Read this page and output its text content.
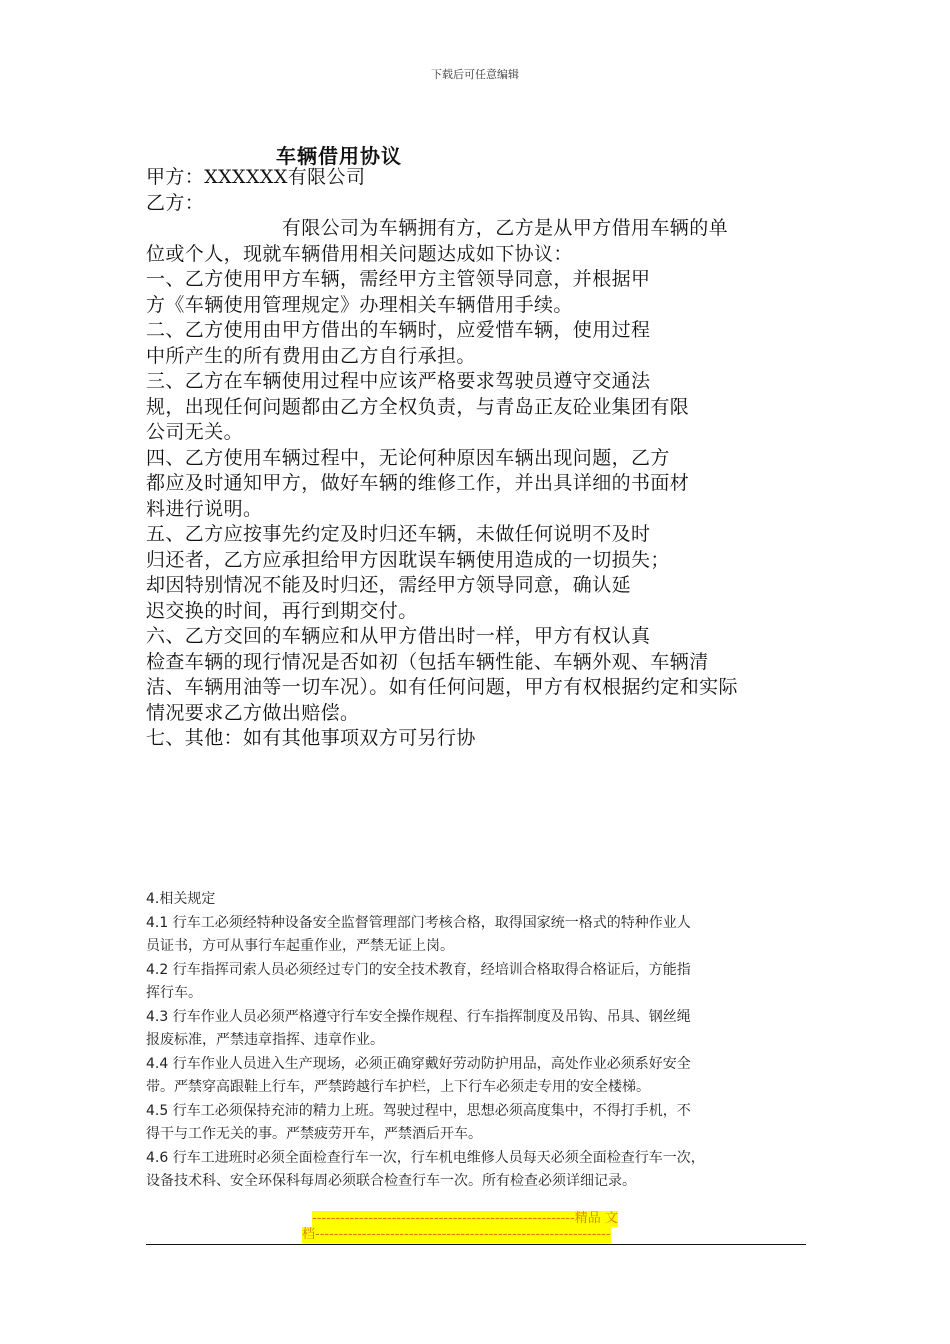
下载后可任意编辑
车辆借用协议
甲方：XXXXXX有限公司
乙方：
　　　　　　　有限公司为车辆拥有方，乙方是从甲方借用车辆的单
位或个人，现就车辆借用相关问题达成如下协议：
一、乙方使用甲方车辆，需经甲方主管领导同意，并根据甲
方《车辆使用管理规定》办理相关车辆借用手续。
二、乙方使用由甲方借出的车辆时，应爱惜车辆，使用过程
中所产生的所有费用由乙方自行承担。
三、乙方在车辆使用过程中应该严格要求驾驶员遵守交通法
规，出现任何问题都由乙方全权负责，与青岛正友砼业集团有限
公司无关。
四、乙方使用车辆过程中，无论何种原因车辆出现问题，乙方
都应及时通知甲方，做好车辆的维修工作，并出具详细的书面材
料进行说明。
五、乙方应按事先约定及时归还车辆，未做任何说明不及时
归还者，乙方应承担给甲方因耽误车辆使用造成的一切损失；
却因特别情况不能及时归还，需经甲方领导同意，确认延
迟交换的时间，再行到期交付。
六、乙方交回的车辆应和从甲方借出时一样，甲方有权认真
检查车辆的现行情况是否如初（包括车辆性能、车辆外观、车辆清
洁、车辆用油等一切车况）。如有任何问题，甲方有权根据约定和实际
情况要求乙方做出赔偿。
七、其他：如有其他事项双方可另行协
4.相关规定
4.1 行车工必须经特种设备安全监督管理部门考核合格，取得国家统一格式的特种作业人
员证书，方可从事行车起重作业，严禁无证上岗。
4.2 行车指挥司索人员必须经过专门的安全技术教育，经培训合格取得合格证后，方能指
挥行车。
4.3 行车作业人员必须严格遵守行车安全操作规程、行车指挥制度及吊钩、吊具、钢丝绳
报废标准，严禁违章指挥、违章作业。
4.4 行车作业人员进入生产现场，必须正确穿戴好劳动防护用品，高处作业必须系好安全
带。严禁穿高跟鞋上行车，严禁跨越行车护栏，上下行车必须走专用的安全楼梯。
4.5 行车工必须保持充沛的精力上班。驾驶过程中，思想必须高度集中，不得打手机，不
得干与工作无关的事。严禁疲劳开车，严禁酒后开车。
4.6 行车工进班时必须全面检查行车一次，行车机电维修人员每天必须全面检查行车一次，
设备技术科、安全环保科每周必须联合检查行车一次。所有检查必须详细记录。
--------------------------------------------------------精品 文
档---------------------------------------------------------------
